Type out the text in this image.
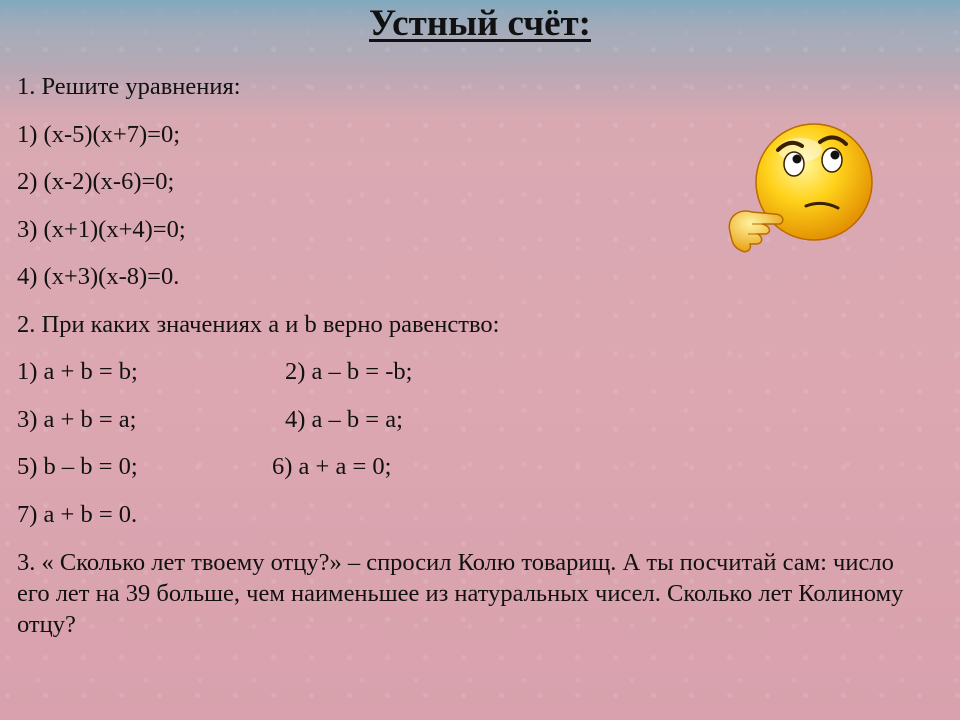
Устный счёт:
1. Решите уравнения:
1) (x-5)(x+7)=0;
2) (x-2)(x-6)=0;
3) (x+1)(x+4)=0;
4) (x+3)(x-8)=0.
2. При каких значениях a и b верно равенство:
1) a + b = b;	2) a – b = -b;
3) a + b = a;	4) a – b = a;
5) b – b = 0;	6) a + a = 0;
7) a + b = 0.
3. « Сколько лет твоему отцу?» – спросил Колю товарищ. А ты посчитай сам: число его лет на 39 больше, чем наименьшее из натуральных чисел. Сколько лет Колиному отцу?
